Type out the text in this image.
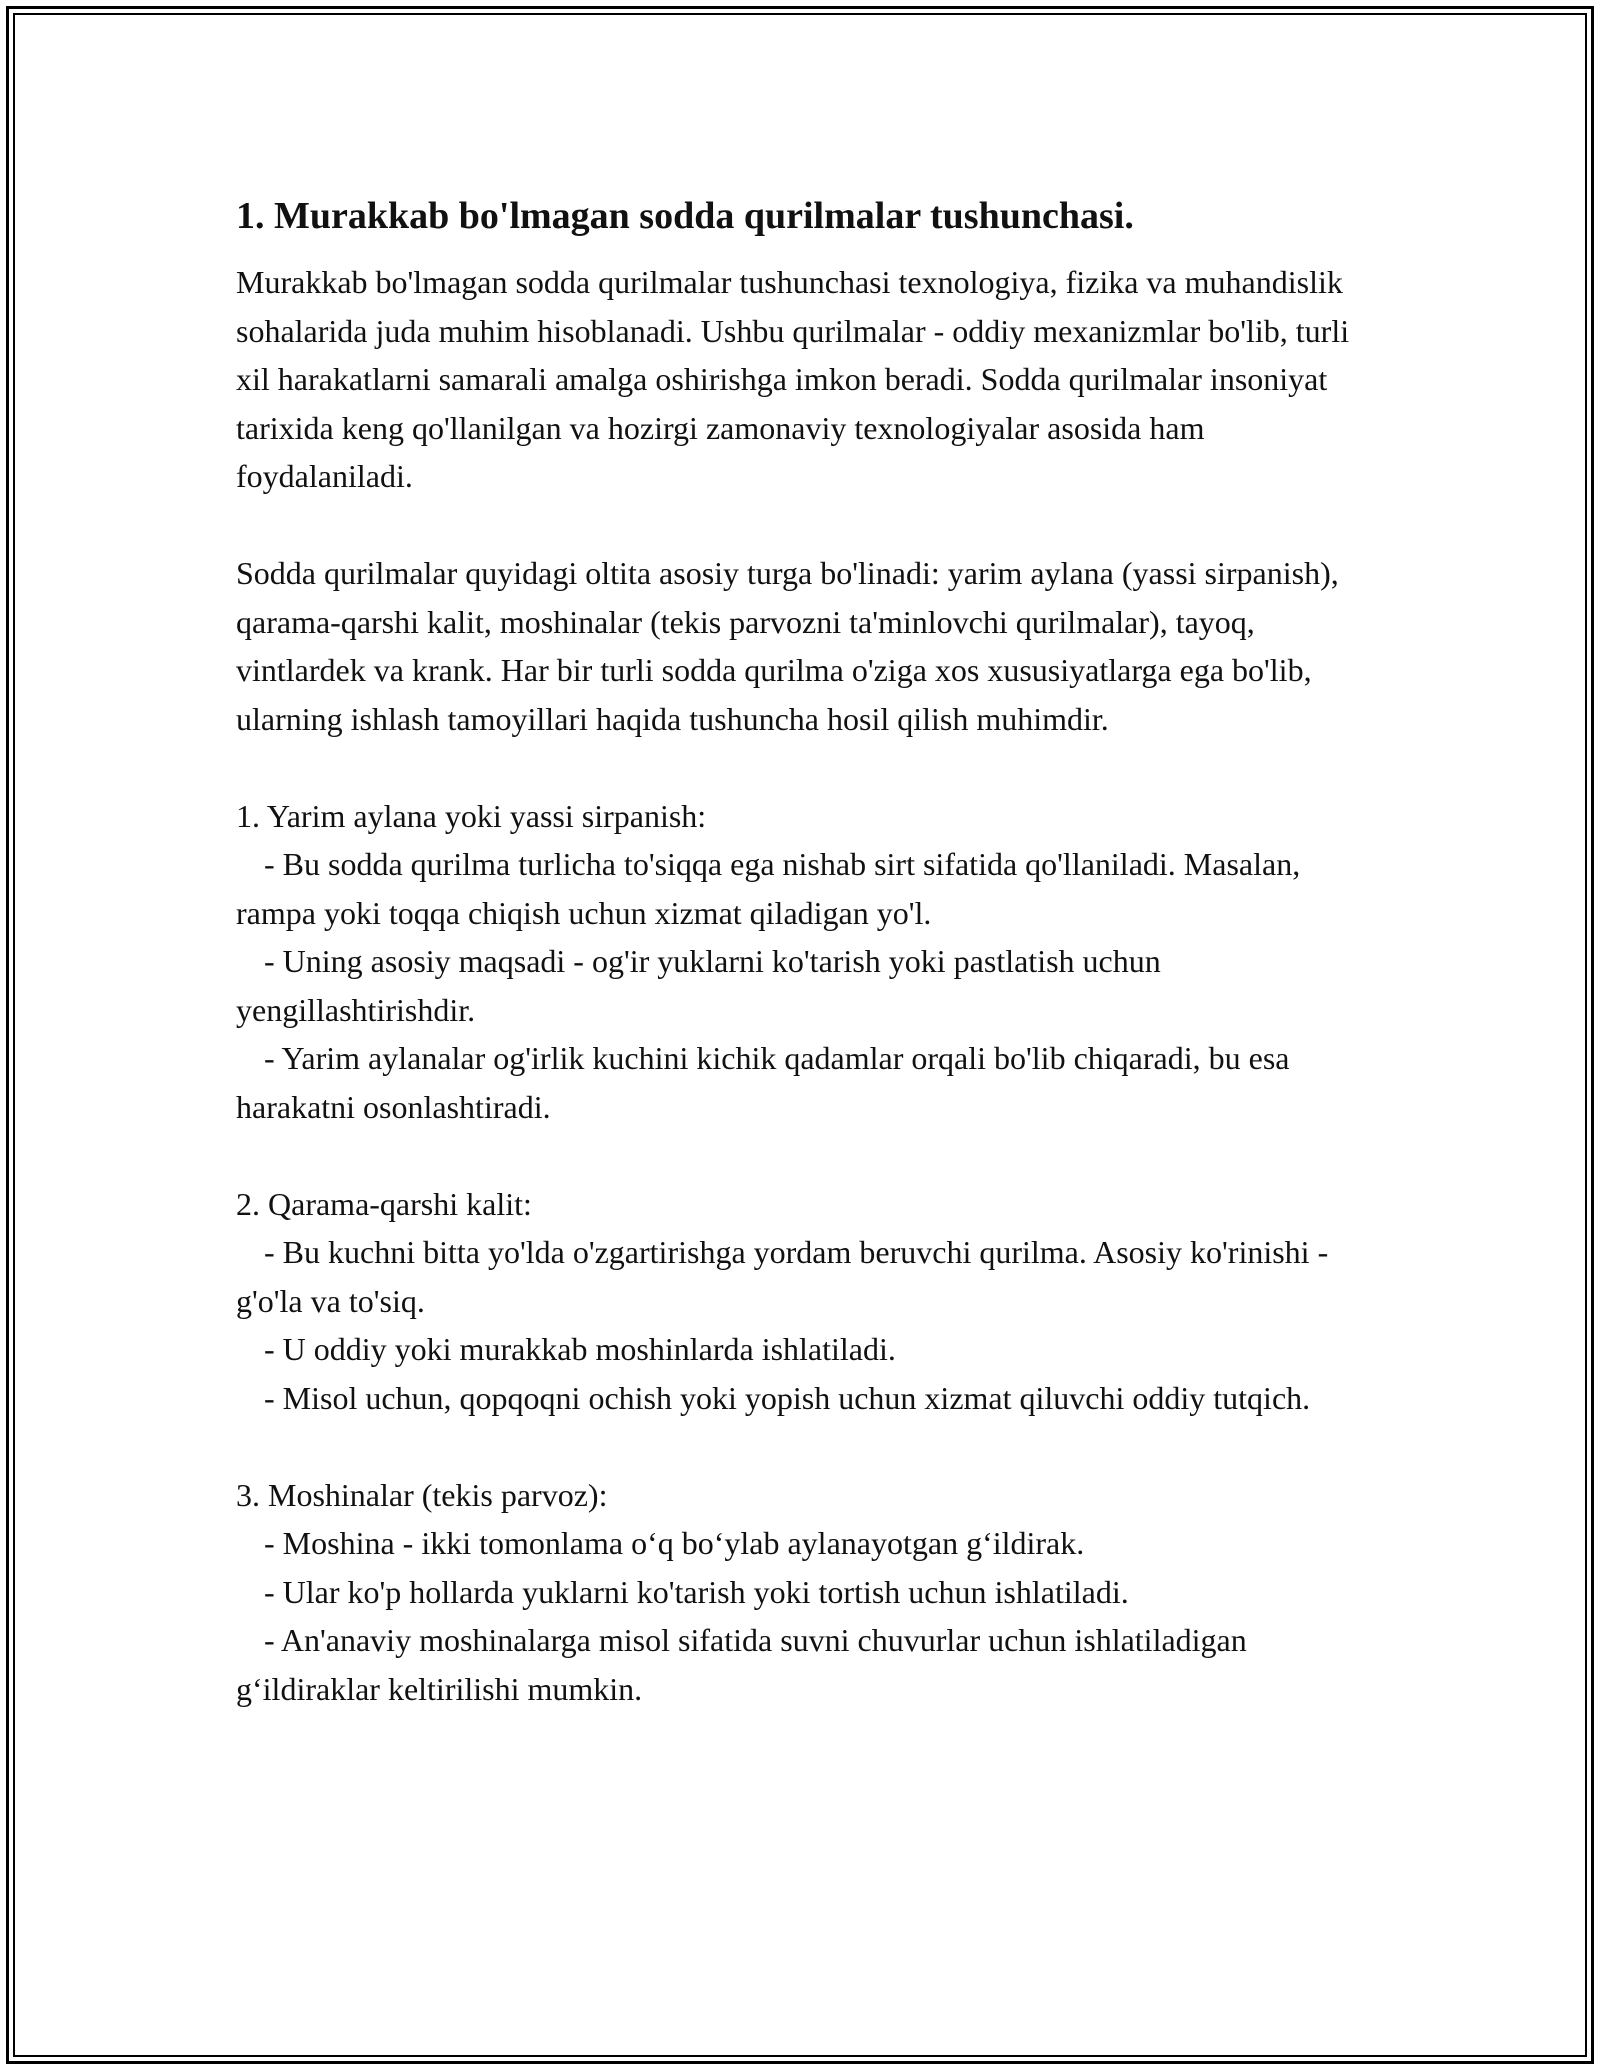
1. Murakkab bo'lmagan sodda qurilmalar tushunchasi.

Murakkab bo'lmagan sodda qurilmalar tushunchasi texnologiya, fizika va muhandislik sohalarida juda muhim hisoblanadi. Ushbu qurilmalar - oddiy mexanizmlar bo'lib, turli xil harakatlarni samarali amalga oshirishga imkon beradi. Sodda qurilmalar insoniyat tarixida keng qo'llanilgan va hozirgi zamonaviy texnologiyalar asosida ham foydalaniladi.

Sodda qurilmalar quyidagi oltita asosiy turga bo'linadi: yarim aylana (yassi sirpanish), qarama-qarshi kalit, moshinalar (tekis parvozni ta'minlovchi qurilmalar), tayoq, vintlardek va krank. Har bir turli sodda qurilma o'ziga xos xususiyatlarga ega bo'lib, ularning ishlash tamoyillari haqida tushuncha hosil qilish muhimdir.

1. Yarim aylana yoki yassi sirpanish:

- Bu sodda qurilma turlicha to'siqqa ega nishab sirt sifatida qo'llaniladi. Masalan, rampa yoki toqqa chiqish uchun xizmat qiladigan yo'l.

- Uning asosiy maqsadi - og'ir yuklarni ko'tarish yoki pastlatish uchun yengillashtirishdir.

- Yarim aylanalar og'irlik kuchini kichik qadamlar orqali bo'lib chiqaradi, bu esa harakatni osonlashtiradi.

2. Qarama-qarshi kalit:

- Bu kuchni bitta yo'lda o'zgartirishga yordam beruvchi qurilma. Asosiy ko'rinishi - g'o'la va to'siq.

- U oddiy yoki murakkab moshinlarda ishlatiladi.

- Misol uchun, qopqoqni ochish yoki yopish uchun xizmat qiluvchi oddiy tutqich.

3. Moshinalar (tekis parvoz):

- Moshina - ikki tomonlama o‘q bo‘ylab aylanayotgan g‘ildirak.

- Ular ko'p hollarda yuklarni ko'tarish yoki tortish uchun ishlatiladi.

- An'anaviy moshinalarga misol sifatida suvni chuvurlar uchun ishlatiladigan g‘ildiraklar keltirilishi mumkin.
